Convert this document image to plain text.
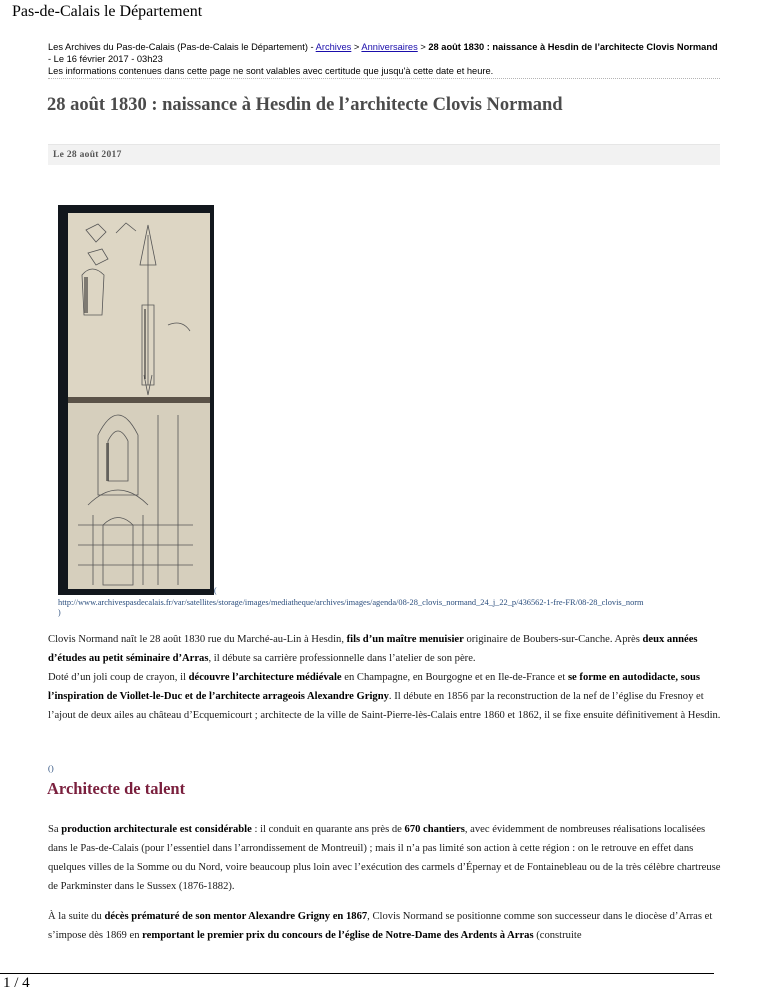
Pas-de-Calais le Département
Les Archives du Pas-de-Calais (Pas-de-Calais le Département) - Archives > Anniversaires > 28 août 1830 : naissance à Hesdin de l’architecte Clovis Normand - Le 16 février 2017 - 03h23
Les informations contenues dans cette page ne sont valables avec certitude que jusqu'à cette date et heure.
28 août 1830 : naissance à Hesdin de l’architecte Clovis Normand
Le 28 août 2017
(
http://www.archivespasdecalais.fr/var/satellites/storage/images/mediatheque/archives/images/agenda/08-28_clovis_normand_24_j_22_p/436562-1-fre-FR/08-28_clovis_norm
)

Clovis Normand naît le 28 août 1830 rue du Marché-au-Lin à Hesdin, fils d’un maître menuisier originaire de Boubers-sur-Canche. Après deux années d’études au petit séminaire d’Arras, il débute sa carrière professionnelle dans l’atelier de son père.
Doté d’un joli coup de crayon, il découvre l’architecture médiévale en Champagne, en Bourgogne et en Ile-de-France et se forme en autodidacte, sous l’inspiration de Viollet-le-Duc et de l’architecte arrageois Alexandre Grigny. Il débute en 1856 par la reconstruction de la nef de l’église du Fresnoy et l’ajout de deux ailes au château d’Ecquemicourt ; architecte de la ville de Saint-Pierre-lès-Calais entre 1860 et 1862, il se fixe ensuite définitivement à Hesdin.

()
Architecte de talent

Sa production architecturale est considérable : il conduit en quarante ans près de 670 chantiers, avec évidemment de nombreuses réalisations localisées dans le Pas-de-Calais (pour l’essentiel dans l’arrondissement de Montreuil) ; mais il n’a pas limité son action à cette région : on le retrouve en effet dans quelques villes de la Somme ou du Nord, voire beaucoup plus loin avec l’exécution des carmels d’Épernay et de Fontainebleau ou de la très célèbre chartreuse de Parkminster dans le Sussex (1876-1882).

À la suite du décès prématuré de son mentor Alexandre Grigny en 1867, Clovis Normand se positionne comme son successeur dans le diocèse d’Arras et s’impose dès 1869 en remportant le premier prix du concours de l’église de Notre-Dame des Ardents à Arras (construite

1 / 4
